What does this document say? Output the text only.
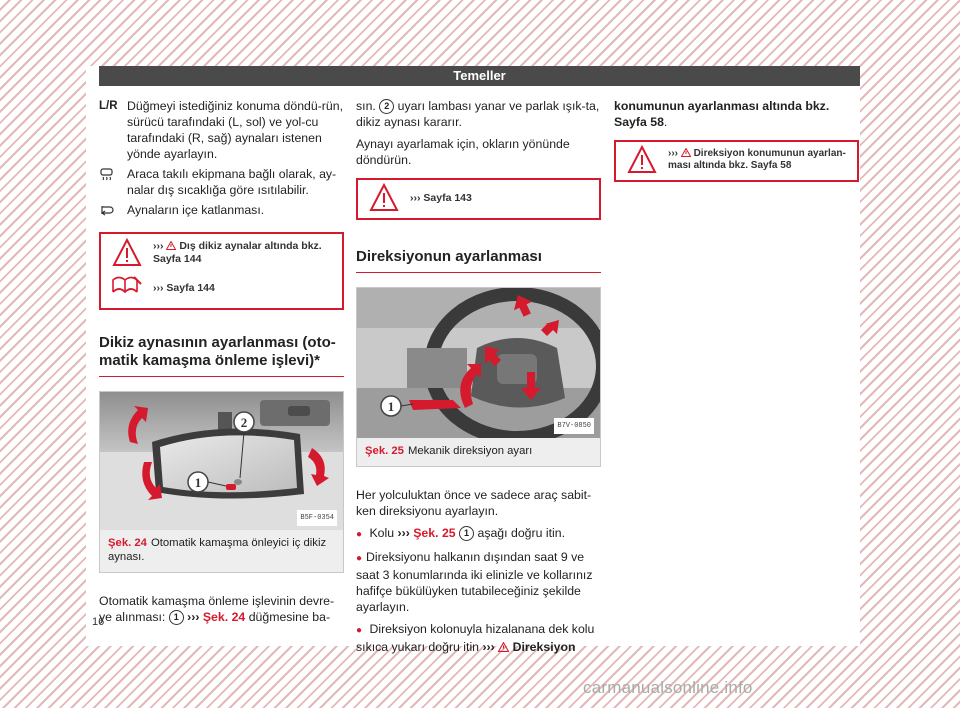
Temeller
L/R Düğmeyi istediğiniz konuma döndü-rün, sürücü tarafındaki (L, sol) ve yol-cu tarafındaki (R, sağ) aynaları istenen yönde ayarlayın.
Araca takılı ekipmana bağlı olarak, ay-nalar dış sıcaklığa göre ısıtılabilir.
Aynaların içe katlanması.
››› Dış dikiz aynalar altında bkz.
Sayfa 144
››› Sayfa 144
Dikiz aynasının ayarlanması (oto-matik kamaşma önleme işlevi)*
2
1
B5F-0354
Şek. 24 Otomatik kamaşma önleyici iç dikiz aynası.

Otomatik kamaşma önleme işlevinin devre-ye alınması: 1 ››› Şek. 24 düğmesine ba-

sın. 2 uyarı lambası yanar ve parlak ışık-ta, dikiz aynası kararır.

Aynayı ayarlamak için, okların yönünde döndürün.

››› Sayfa 143
Direksiyonun ayarlanması
1
B7V-0850
Şek. 25 Mekanik direksiyon ayarı

Her yolculuktan önce ve sadece araç sabit-ken direksiyonu ayarlayın.

● Kolu ››› Şek. 25 1 aşağı doğru itin.

● Direksiyonu halkanın dışından saat 9 ve saat 3 konumlarında iki elinizle ve kollarınız hafifçe bükülüyken tutabileceğiniz şekilde ayarlayın.

● Direksiyon kolonuyla hizalanana dek kolu sıkıca yukarı doğru itin ››› Direksiyon

konumunun ayarlanması altında bkz.
Sayfa 58.

››› Direksiyon konumunun ayarlan-
ması altında bkz. Sayfa 58
16
carmanualsonline.info
